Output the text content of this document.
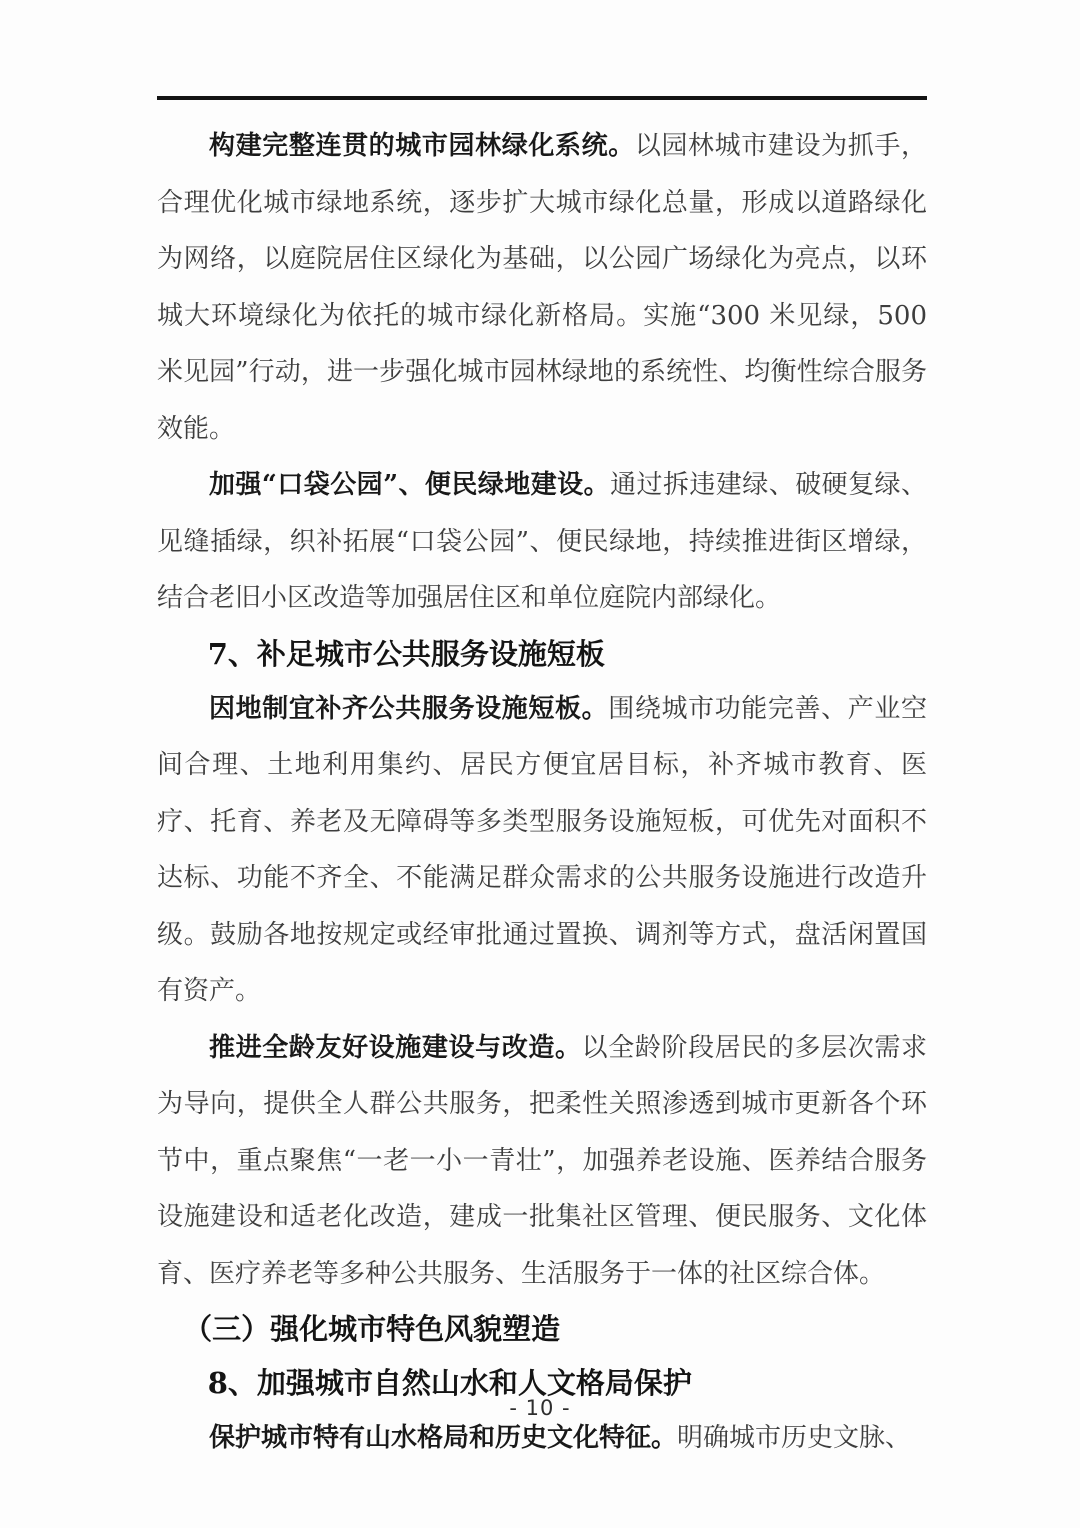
构建完整连贯的城市园林绿化系统。以园林城市建设为抓手，合理优化城市绿地系统，逐步扩大城市绿化总量，形成以道路绿化为网络，以庭院居住区绿化为基础，以公园广场绿化为亮点，以环城大环境绿化为依托的城市绿化新格局。实施“300 米见绿，500 米见园”行动，进一步强化城市园林绿地的系统性、均衡性综合服务效能。

加强“口袋公园”、便民绿地建设。通过拆违建绿、破硬复绿、见缝插绿，织补拓展“口袋公园”、便民绿地，持续推进街区增绿，结合老旧小区改造等加强居住区和单位庭院内部绿化。

7、补足城市公共服务设施短板

因地制宜补齐公共服务设施短板。围绕城市功能完善、产业空间合理、土地利用集约、居民方便宜居目标，补齐城市教育、医疗、托育、养老及无障碍等多类型服务设施短板，可优先对面积不达标、功能不齐全、不能满足群众需求的公共服务设施进行改造升级。鼓励各地按规定或经审批通过置换、调剂等方式，盘活闲置国有资产。

推进全龄友好设施建设与改造。以全龄阶段居民的多层次需求为导向，提供全人群公共服务，把柔性关照渗透到城市更新各个环节中，重点聚焦“一老一小一青壮”，加强养老设施、医养结合服务设施建设和适老化改造，建成一批集社区管理、便民服务、文化体育、医疗养老等多种公共服务、生活服务于一体的社区综合体。

（三）强化城市特色风貌塑造
8、加强城市自然山水和人文格局保护

保护城市特有山水格局和历史文化特征。明确城市历史文脉、

- 10 -
